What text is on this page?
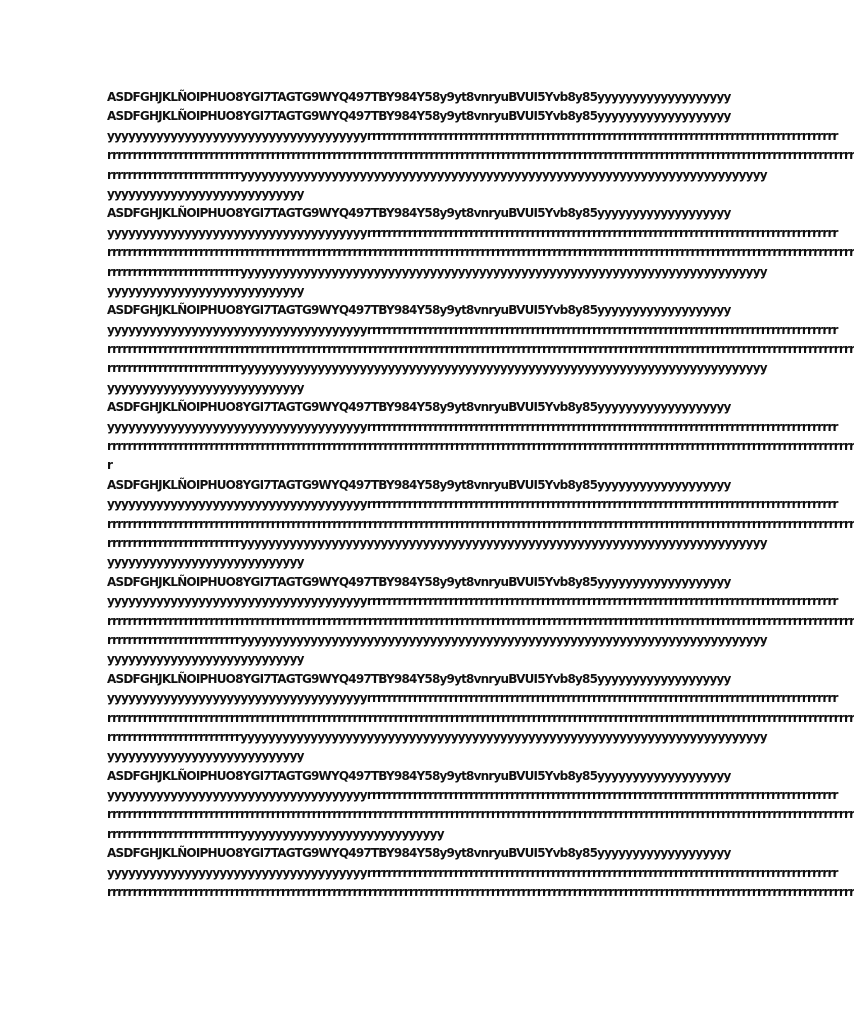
ASDFGHJKLÑOIPHUO8YGI7TAGTG9WYQ497TBY984Y58y9yt8vnryuBVUI5Yvb8y85yyyyyyyyyyyyyyyyyyy
ASDFGHJKLÑOIPHUO8YGI7TAGTG9WYQ497TBY984Y58y9yt8vnryuBVUI5Yvb8y85yyyyyyyyyyyyyyyyyyy
yyyyyyyyyyyyyyyyyyyyyyyyyyyyyyyyyyyyyrrrrrrrrrrrrrrrrrrrrrrrrrrrrrrrrrrrrrrrrrrrrrrrrrrrrrrrrrrrrrrrrrrrrrrrrrrrrrrrrrrrrrrrrrrrr
rrrrrrrrrrrrrrrrrrrrrrrrrrrrrrrrrrrrrrrrrrrrrrrrrrrrrrrrrrrrrrrrrrrrrrrrrrrrrrrrrrrrrrrrrrrrrrrrrrrrrrrrrrrrrrrrrrrrrrrrrrrrrrrrrrrrrrrrrrrrrrrrrr
rrrrrrrrrrrrrrrrrrrrrrrrrryyyyyyyyyyyyyyyyyyyyyyyyyyyyyyyyyyyyyyyyyyyyyyyyyyyyyyyyyyyyyyyyyyyyyyyyyyy
yyyyyyyyyyyyyyyyyyyyyyyyyyyy
ASDFGHJKLÑOIPHUO8YGI7TAGTG9WYQ497TBY984Y58y9yt8vnryuBVUI5Yvb8y85yyyyyyyyyyyyyyyyyyy
yyyyyyyyyyyyyyyyyyyyyyyyyyyyyyyyyyyyyrrrrrrrrrrrrrrrrrrrrrrrrrrrrrrrrrrrrrrrrrrrrrrrrrrrrrrrrrrrrrrrrrrrrrrrrrrrrrrrrrrrrrrrrrrrr
rrrrrrrrrrrrrrrrrrrrrrrrrrrrrrrrrrrrrrrrrrrrrrrrrrrrrrrrrrrrrrrrrrrrrrrrrrrrrrrrrrrrrrrrrrrrrrrrrrrrrrrrrrrrrrrrrrrrrrrrrrrrrrrrrrrrrrrrrrrrrrrrrr
rrrrrrrrrrrrrrrrrrrrrrrrrryyyyyyyyyyyyyyyyyyyyyyyyyyyyyyyyyyyyyyyyyyyyyyyyyyyyyyyyyyyyyyyyyyyyyyyyyyy
yyyyyyyyyyyyyyyyyyyyyyyyyyyy
ASDFGHJKLÑOIPHUO8YGI7TAGTG9WYQ497TBY984Y58y9yt8vnryuBVUI5Yvb8y85yyyyyyyyyyyyyyyyyyy
yyyyyyyyyyyyyyyyyyyyyyyyyyyyyyyyyyyyyrrrrrrrrrrrrrrrrrrrrrrrrrrrrrrrrrrrrrrrrrrrrrrrrrrrrrrrrrrrrrrrrrrrrrrrrrrrrrrrrrrrrrrrrrrrr
rrrrrrrrrrrrrrrrrrrrrrrrrrrrrrrrrrrrrrrrrrrrrrrrrrrrrrrrrrrrrrrrrrrrrrrrrrrrrrrrrrrrrrrrrrrrrrrrrrrrrrrrrrrrrrrrrrrrrrrrrrrrrrrrrrrrrrrrrrrrrrrrrr
rrrrrrrrrrrrrrrrrrrrrrrrrryyyyyyyyyyyyyyyyyyyyyyyyyyyyyyyyyyyyyyyyyyyyyyyyyyyyyyyyyyyyyyyyyyyyyyyyyyy
yyyyyyyyyyyyyyyyyyyyyyyyyyyy
ASDFGHJKLÑOIPHUO8YGI7TAGTG9WYQ497TBY984Y58y9yt8vnryuBVUI5Yvb8y85yyyyyyyyyyyyyyyyyyy
yyyyyyyyyyyyyyyyyyyyyyyyyyyyyyyyyyyyyrrrrrrrrrrrrrrrrrrrrrrrrrrrrrrrrrrrrrrrrrrrrrrrrrrrrrrrrrrrrrrrrrrrrrrrrrrrrrrrrrrrrrrrrrrrr
rrrrrrrrrrrrrrrrrrrrrrrrrrrrrrrrrrrrrrrrrrrrrrrrrrrrrrrrrrrrrrrrrrrrrrrrrrrrrrrrrrrrrrrrrrrrrrrrrrrrrrrrrrrrrrrrrrrrrrrrrrrrrrrrrrrrrrrrrrrrrrrrrr
r
ASDFGHJKLÑOIPHUO8YGI7TAGTG9WYQ497TBY984Y58y9yt8vnryuBVUI5Yvb8y85yyyyyyyyyyyyyyyyyyy
yyyyyyyyyyyyyyyyyyyyyyyyyyyyyyyyyyyyyrrrrrrrrrrrrrrrrrrrrrrrrrrrrrrrrrrrrrrrrrrrrrrrrrrrrrrrrrrrrrrrrrrrrrrrrrrrrrrrrrrrrrrrrrrrr
rrrrrrrrrrrrrrrrrrrrrrrrrrrrrrrrrrrrrrrrrrrrrrrrrrrrrrrrrrrrrrrrrrrrrrrrrrrrrrrrrrrrrrrrrrrrrrrrrrrrrrrrrrrrrrrrrrrrrrrrrrrrrrrrrrrrrrrrrrrrrrrrrr
rrrrrrrrrrrrrrrrrrrrrrrrrryyyyyyyyyyyyyyyyyyyyyyyyyyyyyyyyyyyyyyyyyyyyyyyyyyyyyyyyyyyyyyyyyyyyyyyyyyy
yyyyyyyyyyyyyyyyyyyyyyyyyyyy
ASDFGHJKLÑOIPHUO8YGI7TAGTG9WYQ497TBY984Y58y9yt8vnryuBVUI5Yvb8y85yyyyyyyyyyyyyyyyyyy
yyyyyyyyyyyyyyyyyyyyyyyyyyyyyyyyyyyyyrrrrrrrrrrrrrrrrrrrrrrrrrrrrrrrrrrrrrrrrrrrrrrrrrrrrrrrrrrrrrrrrrrrrrrrrrrrrrrrrrrrrrrrrrrrr
rrrrrrrrrrrrrrrrrrrrrrrrrrrrrrrrrrrrrrrrrrrrrrrrrrrrrrrrrrrrrrrrrrrrrrrrrrrrrrrrrrrrrrrrrrrrrrrrrrrrrrrrrrrrrrrrrrrrrrrrrrrrrrrrrrrrrrrrrrrrrrrrrr
rrrrrrrrrrrrrrrrrrrrrrrrrryyyyyyyyyyyyyyyyyyyyyyyyyyyyyyyyyyyyyyyyyyyyyyyyyyyyyyyyyyyyyyyyyyyyyyyyyyy
yyyyyyyyyyyyyyyyyyyyyyyyyyyy
ASDFGHJKLÑOIPHUO8YGI7TAGTG9WYQ497TBY984Y58y9yt8vnryuBVUI5Yvb8y85yyyyyyyyyyyyyyyyyyy
yyyyyyyyyyyyyyyyyyyyyyyyyyyyyyyyyyyyyrrrrrrrrrrrrrrrrrrrrrrrrrrrrrrrrrrrrrrrrrrrrrrrrrrrrrrrrrrrrrrrrrrrrrrrrrrrrrrrrrrrrrrrrrrrr
rrrrrrrrrrrrrrrrrrrrrrrrrrrrrrrrrrrrrrrrrrrrrrrrrrrrrrrrrrrrrrrrrrrrrrrrrrrrrrrrrrrrrrrrrrrrrrrrrrrrrrrrrrrrrrrrrrrrrrrrrrrrrrrrrrrrrrrrrrrrrrrrrr
rrrrrrrrrrrrrrrrrrrrrrrrrryyyyyyyyyyyyyyyyyyyyyyyyyyyyyyyyyyyyyyyyyyyyyyyyyyyyyyyyyyyyyyyyyyyyyyyyyyy
yyyyyyyyyyyyyyyyyyyyyyyyyyyy
ASDFGHJKLÑOIPHUO8YGI7TAGTG9WYQ497TBY984Y58y9yt8vnryuBVUI5Yvb8y85yyyyyyyyyyyyyyyyyyy
yyyyyyyyyyyyyyyyyyyyyyyyyyyyyyyyyyyyyrrrrrrrrrrrrrrrrrrrrrrrrrrrrrrrrrrrrrrrrrrrrrrrrrrrrrrrrrrrrrrrrrrrrrrrrrrrrrrrrrrrrrrrrrrrr
rrrrrrrrrrrrrrrrrrrrrrrrrrrrrrrrrrrrrrrrrrrrrrrrrrrrrrrrrrrrrrrrrrrrrrrrrrrrrrrrrrrrrrrrrrrrrrrrrrrrrrrrrrrrrrrrrrrrrrrrrrrrrrrrrrrrrrrrrrrrrrrrrr
rrrrrrrrrrrrrrrrrrrrrrrrrryyyyyyyyyyyyyyyyyyyyyyyyyyyyy
ASDFGHJKLÑOIPHUO8YGI7TAGTG9WYQ497TBY984Y58y9yt8vnryuBVUI5Yvb8y85yyyyyyyyyyyyyyyyyyy
yyyyyyyyyyyyyyyyyyyyyyyyyyyyyyyyyyyyyrrrrrrrrrrrrrrrrrrrrrrrrrrrrrrrrrrrrrrrrrrrrrrrrrrrrrrrrrrrrrrrrrrrrrrrrrrrrrrrrrrrrrrrrrrrr
rrrrrrrrrrrrrrrrrrrrrrrrrrrrrrrrrrrrrrrrrrrrrrrrrrrrrrrrrrrrrrrrrrrrrrrrrrrrrrrrrrrrrrrrrrrrrrrrrrrrrrrrrrrrrrrrrrrrrrrrrrrrrrrrrrrrrrrrrrrrrrrrrr
